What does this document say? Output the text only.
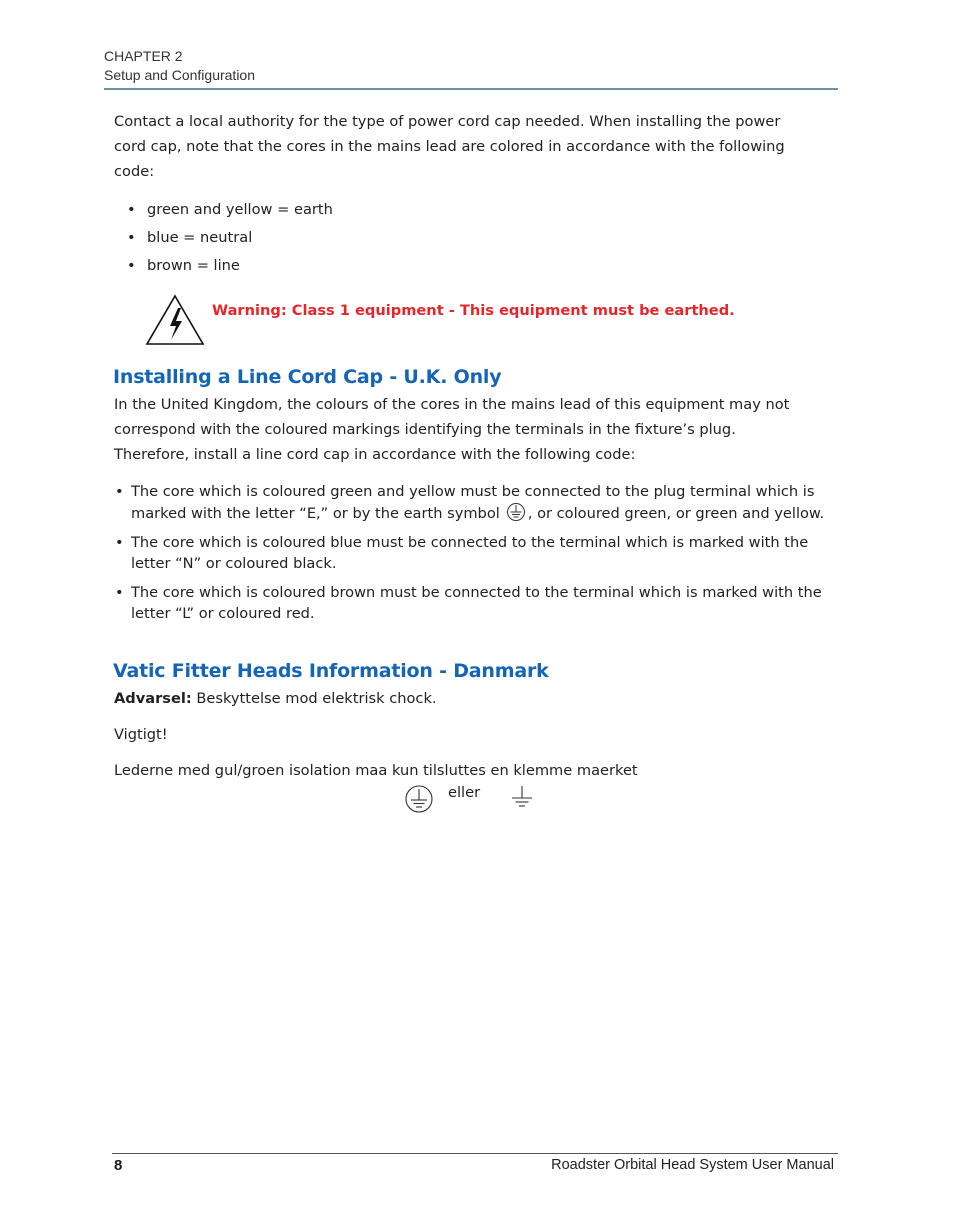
CHAPTER 2
Setup and Configuration

Contact a local authority for the type of power cord cap needed. When installing the power

cord cap, note that the cores in the mains lead are colored in accordance with the following

code:

• green and yellow = earth
• blue = neutral
• brown = line
Warning: Class 1 equipment - This equipment must be earthed.
Installing a Line Cord Cap - U.K. Only

In the United Kingdom, the colours of the cores in the mains lead of this equipment may not

correspond with the coloured markings identifying the terminals in the fixture’s plug.

Therefore, install a line cord cap in accordance with the following code:

• The core which is coloured green and yellow must be connected to the plug terminal which is marked with the letter “E,” or by the earth symbol , or coloured green, or green and yellow.
• The core which is coloured blue must be connected to the terminal which is marked with the letter “N” or coloured black.
• The core which is coloured brown must be connected to the terminal which is marked with the letter “L” or coloured red.
Vatic Fitter Heads Information - Danmark

Advarsel: Beskyttelse mod elektrisk chock.

Vigtigt!

Lederne med gul/groen isolation maa kun tilsluttes en klemme maerket

eller
8	Roadster Orbital Head System User Manual
